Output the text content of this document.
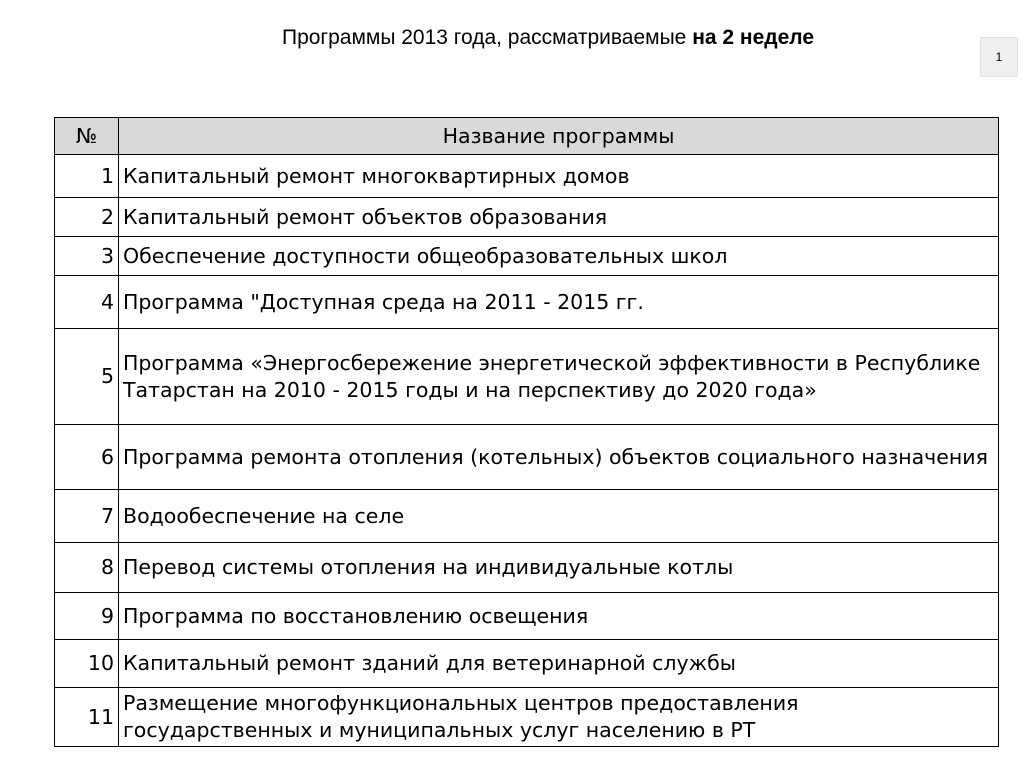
Программы 2013 года, рассматриваемые на 2 неделе
1
№	Название программы
1	Капитальный ремонт многоквартирных домов
2	Капитальный ремонт объектов образования
3	Обеспечение доступности общеобразовательных школ
4	Программа "Доступная среда на 2011 - 2015 гг.
5	Программа «Энергосбережение энергетической эффективности в Республике Татарстан на 2010 - 2015 годы и на перспективу до 2020 года»
6	Программа ремонта отопления (котельных) объектов социального назначения
7	Водообеспечение на селе
8	Перевод системы отопления на индивидуальные котлы
9	Программа по восстановлению освещения
10	Капитальный ремонт зданий для ветеринарной службы
11	Размещение многофункциональных центров предоставления государственных и муниципальных услуг населению в РТ
